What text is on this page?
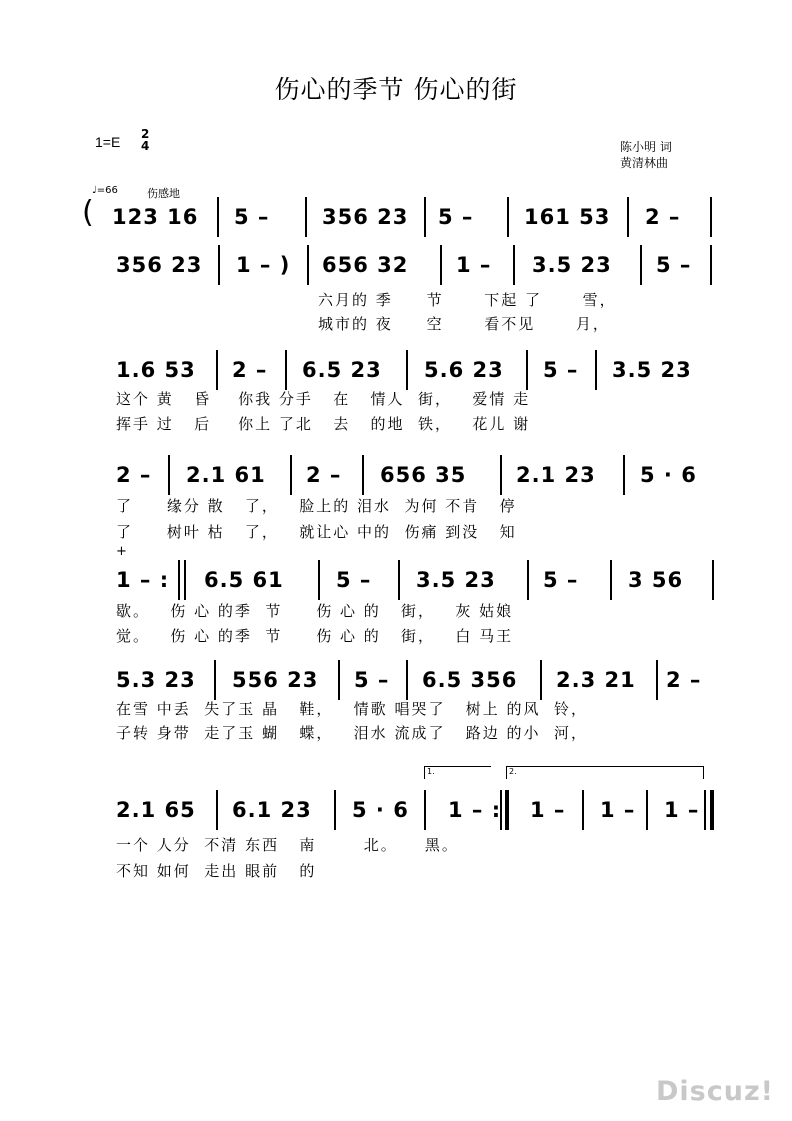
伤心的季节 伤心的街
1=E 2
4	陈小明 词
黄清林曲
♩=66	伤感地
( 123 16 5 –	356 23 5 – 161 53 2 –
356 23 1 – ) 656 32 1 – 3.5 23 5 –
六月的 季     节      下起 了      雪，
城市的 夜     空      看不见      月，
1.6 53 2 – 6.5 23 5.6 23 5 – 3.5 23
这个 黄   昏    你我 分手   在   情人  街，   爱情 走
挥手 过   后    你上 了北   去   的地  铁，   花儿 谢
2 – 2.1 61 2 – 656 35 2.1 23 5 · 6
了     缘分 散   了，   脸上的 泪水  为何 不肯   停
了     树叶 枯   了，   就让心 中的  伤痛 到没   知
+
1 – : 6.5 61 5 – 3.5 23 5 – 3 56
歇。   伤 心 的季  节     伤 心 的   街，   灰 姑娘
觉。   伤 心 的季  节     伤 心 的   街，   白 马王
5.3 23 556 23 5 – 6.5 356 2.3 21 2 –
在雪 中丢  失了玉 晶   鞋，   情歌 唱哭了   树上 的风  铃，
子转 身带  走了玉 蝴   蝶，   泪水 流成了   路边 的小  河，
1.	2.
2.1 65 6.1 23 5 · 6 1 – : 1 – 1 – 1 –
一个 人分  不清 东西   南       北。    黑。
不知 如何  走出 眼前   的
Discuz!
